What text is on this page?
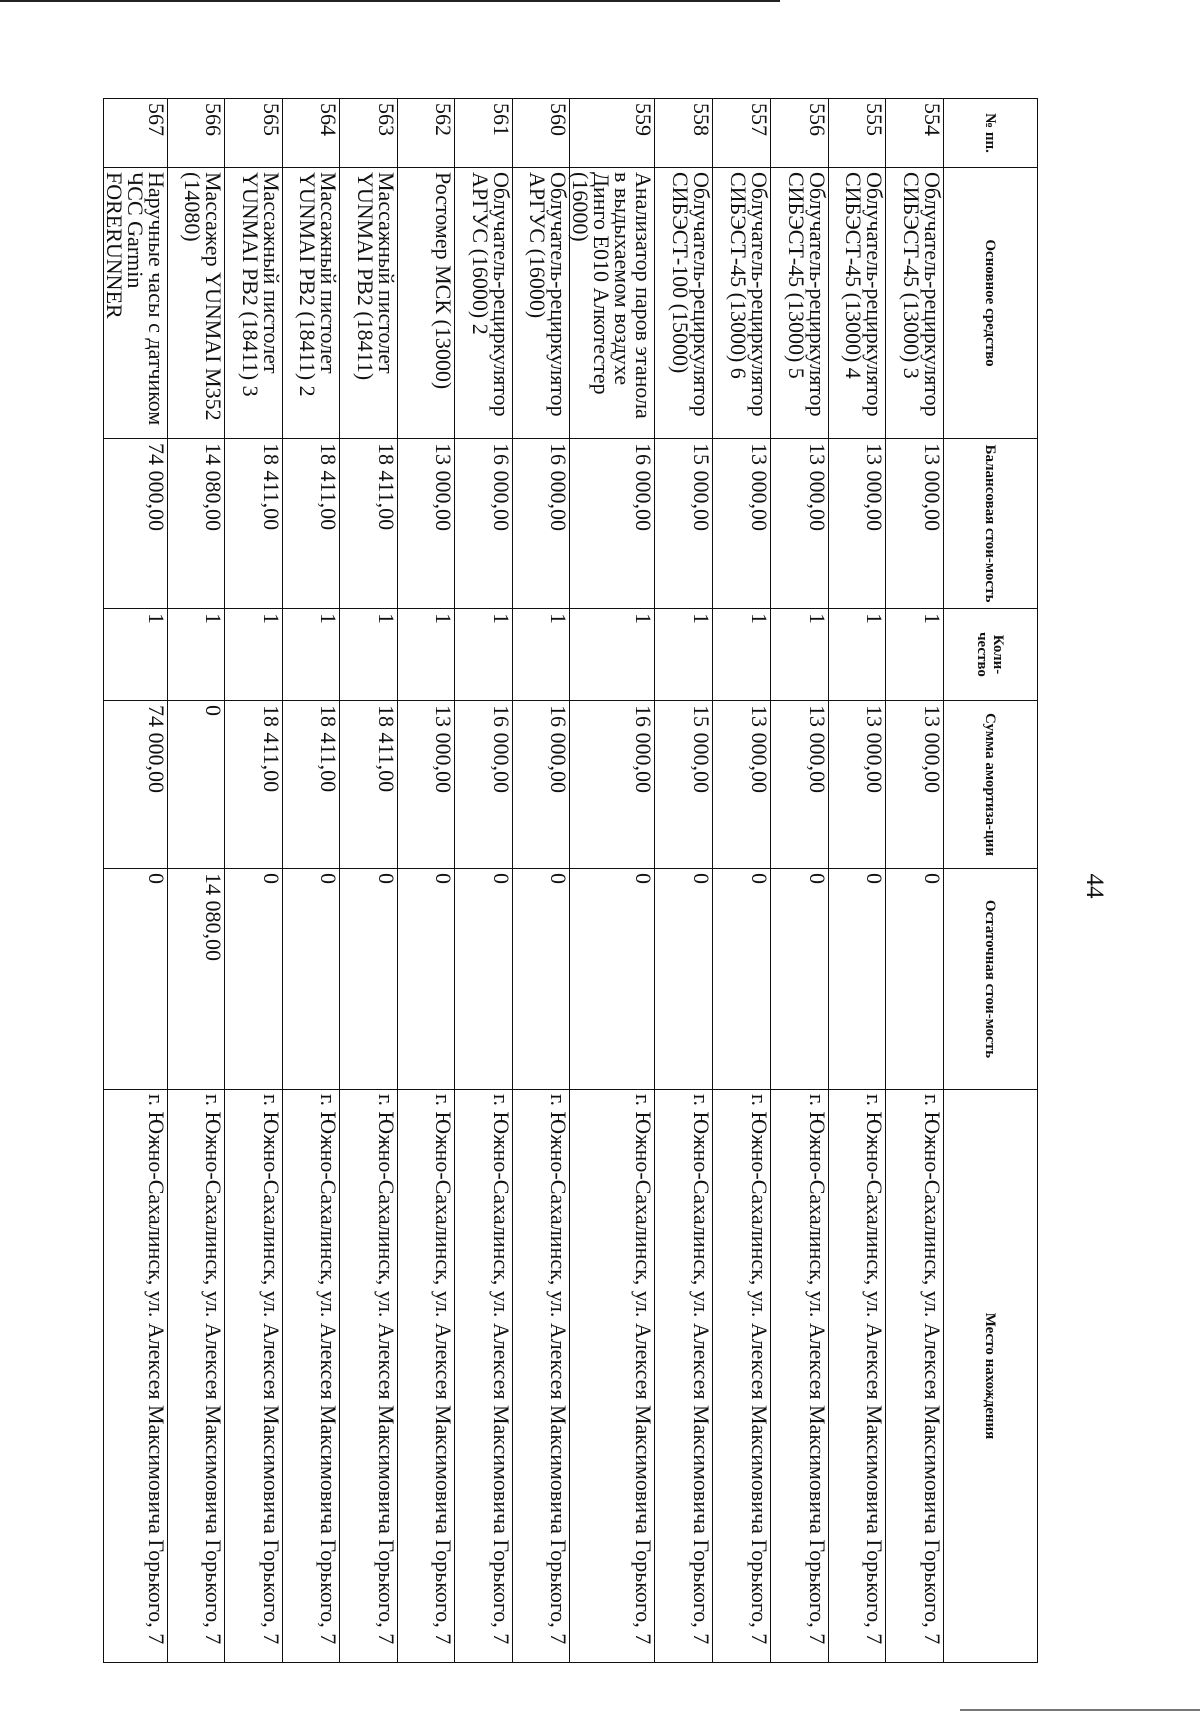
44
№ пп.	Основное средство	Балансовая стои-мость	Коли-чество	Сумма амортиза-ции	Остаточная стои-мость	Место нахождения
554	Облучатель-рециркулятор СИБЭСТ-45 (13000) 3	13 000,00	1	13 000,00	0	г. Южно-Сахалинск, ул. Алексея Максимовича Горького, 7
555	Облучатель-рециркулятор СИБЭСТ-45 (13000) 4	13 000,00	1	13 000,00	0	г. Южно-Сахалинск, ул. Алексея Максимовича Горького, 7
556	Облучатель-рециркулятор СИБЭСТ-45 (13000) 5	13 000,00	1	13 000,00	0	г. Южно-Сахалинск, ул. Алексея Максимовича Горького, 7
557	Облучатель-рециркулятор СИБЭСТ-45 (13000) 6	13 000,00	1	13 000,00	0	г. Южно-Сахалинск, ул. Алексея Максимовича Горького, 7
558	Облучатель-рециркулятор СИБЭСТ-100 (15000)	15 000,00	1	15 000,00	0	г. Южно-Сахалинск, ул. Алексея Максимовича Горького, 7
559	Анализатор паров этанола в выдыхаемом воздухе Динго Е010 Алкотестер (16000)	16 000,00	1	16 000,00	0	г. Южно-Сахалинск, ул. Алексея Максимовича Горького, 7
560	Облучатель-рециркулятор АРГУС (16000)	16 000,00	1	16 000,00	0	г. Южно-Сахалинск, ул. Алексея Максимовича Горького, 7
561	Облучатель-рециркулятор АРГУС (16000) 2	16 000,00	1	16 000,00	0	г. Южно-Сахалинск, ул. Алексея Максимовича Горького, 7
562	Ростомер МСК (13000)	13 000,00	1	13 000,00	0	г. Южно-Сахалинск, ул. Алексея Максимовича Горького, 7
563	Массажный пистолет YUNMAI PB2 (18411)	18 411,00	1	18 411,00	0	г. Южно-Сахалинск, ул. Алексея Максимовича Горького, 7
564	Массажный пистолет YUNMAI PB2 (18411) 2	18 411,00	1	18 411,00	0	г. Южно-Сахалинск, ул. Алексея Максимовича Горького, 7
565	Массажный пистолет YUNMAI PB2 (18411) 3	18 411,00	1	18 411,00	0	г. Южно-Сахалинск, ул. Алексея Максимовича Горького, 7
566	Массажер YUNMAI M352 (14080)	14 080,00	1	0	14 080,00	г. Южно-Сахалинск, ул. Алексея Максимовича Горького, 7
567	Наручные часы с датчиком ЧСС Garmin FORERUNNER	74 000,00	1	74 000,00	0	г. Южно-Сахалинск, ул. Алексея Максимовича Горького, 7
